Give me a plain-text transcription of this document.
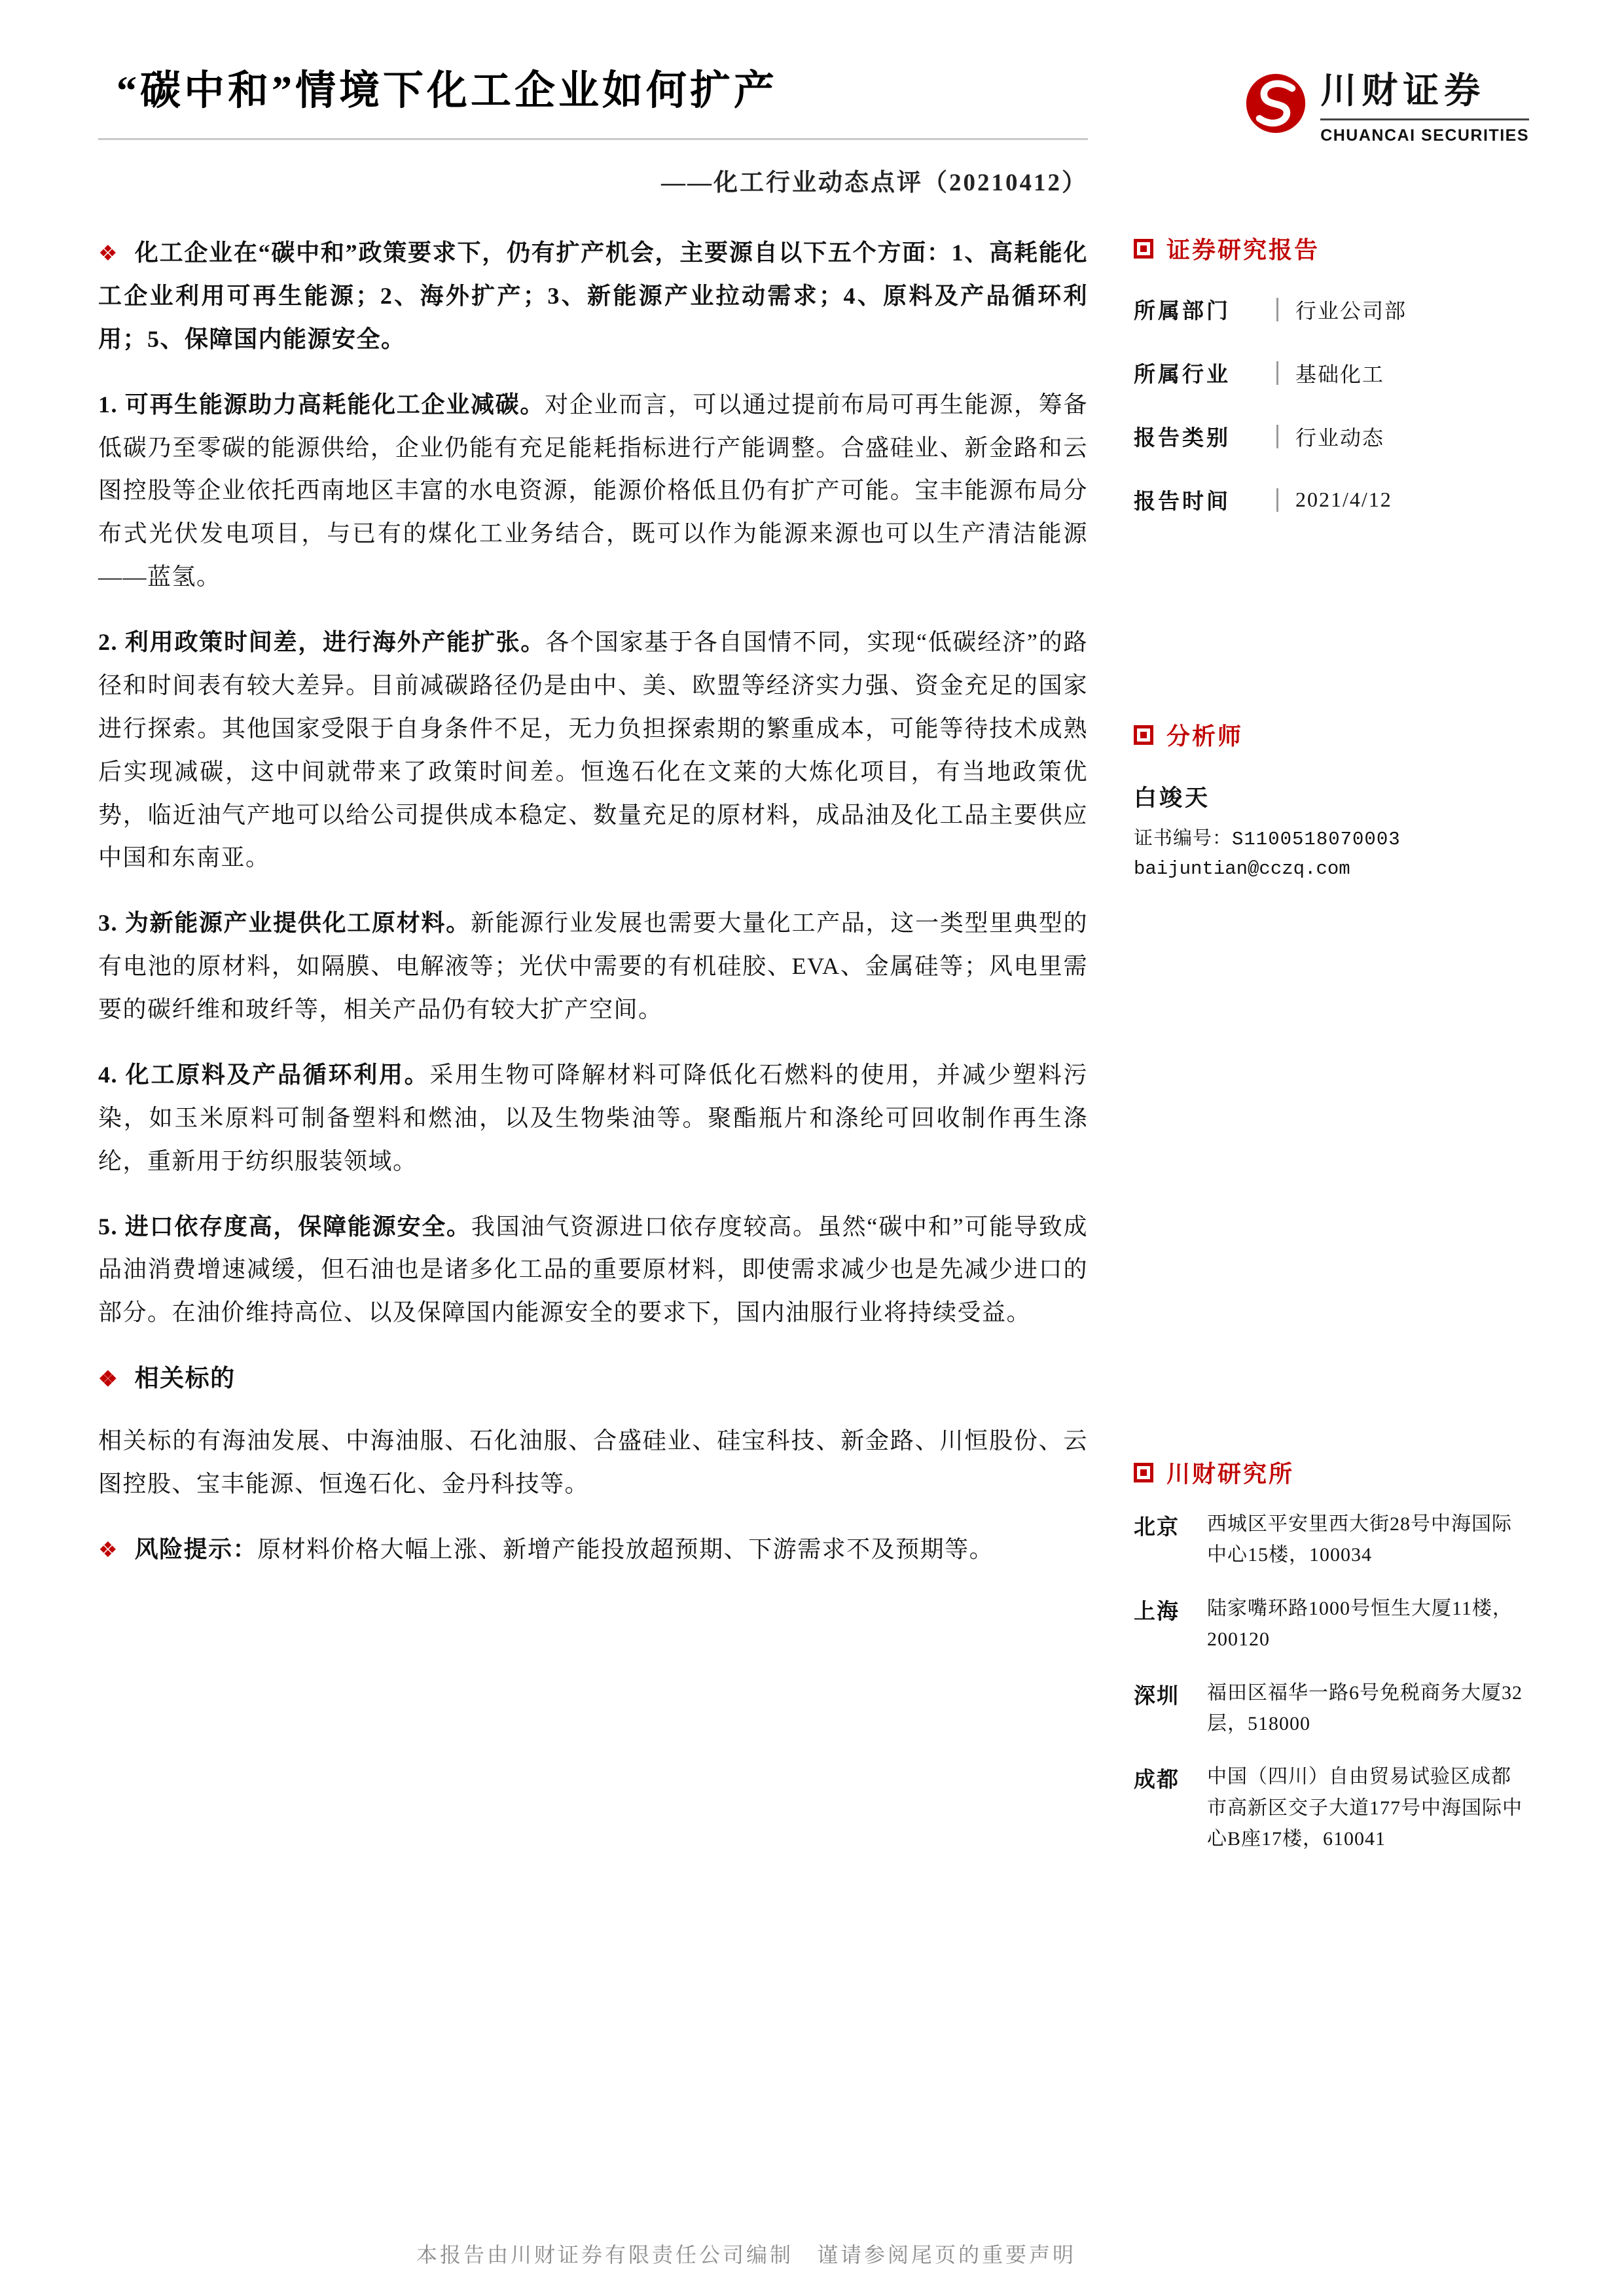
“碳中和”情境下化工企业如何扩产
——化工行业动态点评（20210412）
川财证券
CHUANCAI SECURITIES

❖ 化工企业在“碳中和”政策要求下，仍有扩产机会，主要源自以下五个方面：1、高耗能化工企业利用可再生能源；2、海外扩产；3、新能源产业拉动需求；4、原料及产品循环利用；5、保障国内能源安全。

1. 可再生能源助力高耗能化工企业减碳。对企业而言，可以通过提前布局可再生能源，筹备低碳乃至零碳的能源供给，企业仍能有充足能耗指标进行产能调整。合盛硅业、新金路和云图控股等企业依托西南地区丰富的水电资源，能源价格低且仍有扩产可能。宝丰能源布局分布式光伏发电项目，与已有的煤化工业务结合，既可以作为能源来源也可以生产清洁能源——蓝氢。

2. 利用政策时间差，进行海外产能扩张。各个国家基于各自国情不同，实现“低碳经济”的路径和时间表有较大差异。目前减碳路径仍是由中、美、欧盟等经济实力强、资金充足的国家进行探索。其他国家受限于自身条件不足，无力负担探索期的繁重成本，可能等待技术成熟后实现减碳，这中间就带来了政策时间差。恒逸石化在文莱的大炼化项目，有当地政策优势，临近油气产地可以给公司提供成本稳定、数量充足的原材料，成品油及化工品主要供应中国和东南亚。

3. 为新能源产业提供化工原材料。新能源行业发展也需要大量化工产品，这一类型里典型的有电池的原材料，如隔膜、电解液等；光伏中需要的有机硅胶、EVA、金属硅等；风电里需要的碳纤维和玻纤等，相关产品仍有较大扩产空间。

4. 化工原料及产品循环利用。采用生物可降解材料可降低化石燃料的使用，并减少塑料污染，如玉米原料可制备塑料和燃油，以及生物柴油等。聚酯瓶片和涤纶可回收制作再生涤纶，重新用于纺织服装领域。

5. 进口依存度高，保障能源安全。我国油气资源进口依存度较高。虽然“碳中和”可能导致成品油消费增速减缓，但石油也是诸多化工品的重要原材料，即使需求减少也是先减少进口的部分。在油价维持高位、以及保障国内能源安全的要求下，国内油服行业将持续受益。

❖ 相关标的

相关标的有海油发展、中海油服、石化油服、合盛硅业、硅宝科技、新金路、川恒股份、云图控股、宝丰能源、恒逸石化、金丹科技等。

❖ 风险提示：原材料价格大幅上涨、新增产能投放超预期、下游需求不及预期等。

证券研究报告
所属部门	行业公司部
所属行业	基础化工
报告类别	行业动态
报告时间	2021/4/12
分析师
白竣天
证书编号：S1100518070003
baijuntian@cczq.com
川财研究所
北京	西城区平安里西大街28号中海国际中心15楼，100034
上海	陆家嘴环路1000号恒生大厦11楼，200120
深圳	福田区福华一路6号免税商务大厦32层，518000
成都	中国（四川）自由贸易试验区成都市高新区交子大道177号中海国际中心B座17楼，610041
本报告由川财证券有限责任公司编制　谨请参阅尾页的重要声明
